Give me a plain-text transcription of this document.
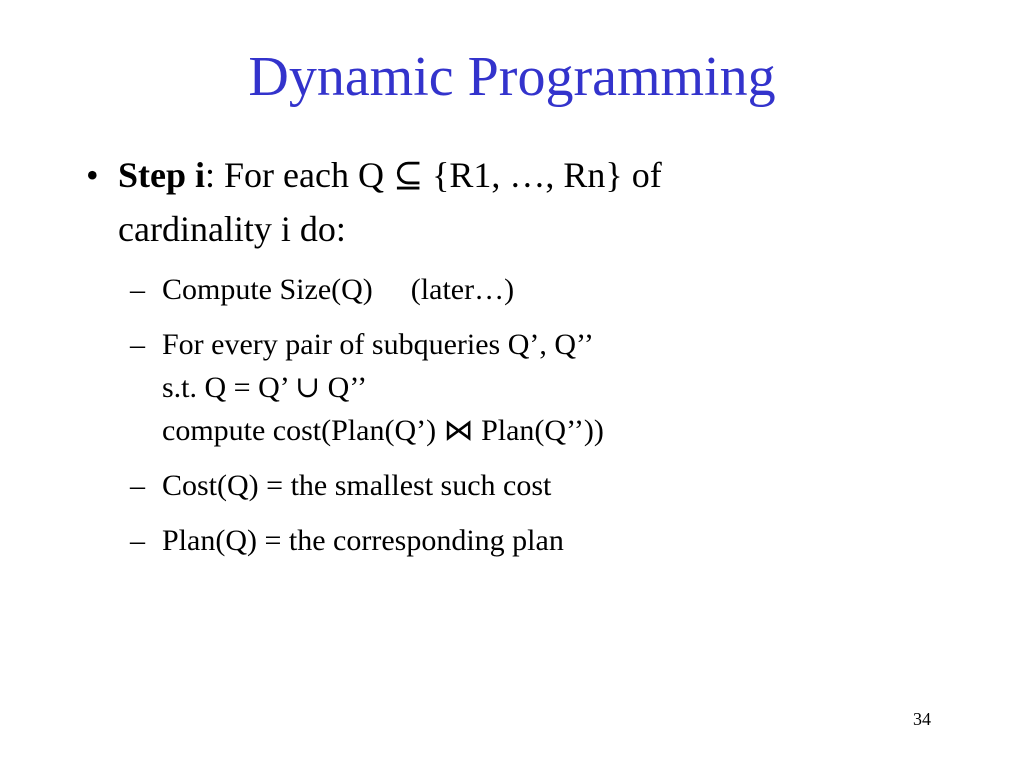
Dynamic Programming
• Step i: For each Q ⊆ {R1, …, Rn} of
cardinality i do:
– Compute Size(Q) (later…)
– For every pair of subqueries Q’, Q’’
s.t. Q = Q’ ∪ Q’’
compute cost(Plan(Q’) ⋈ Plan(Q’’))
– Cost(Q) = the smallest such cost
– Plan(Q) = the corresponding plan
34
